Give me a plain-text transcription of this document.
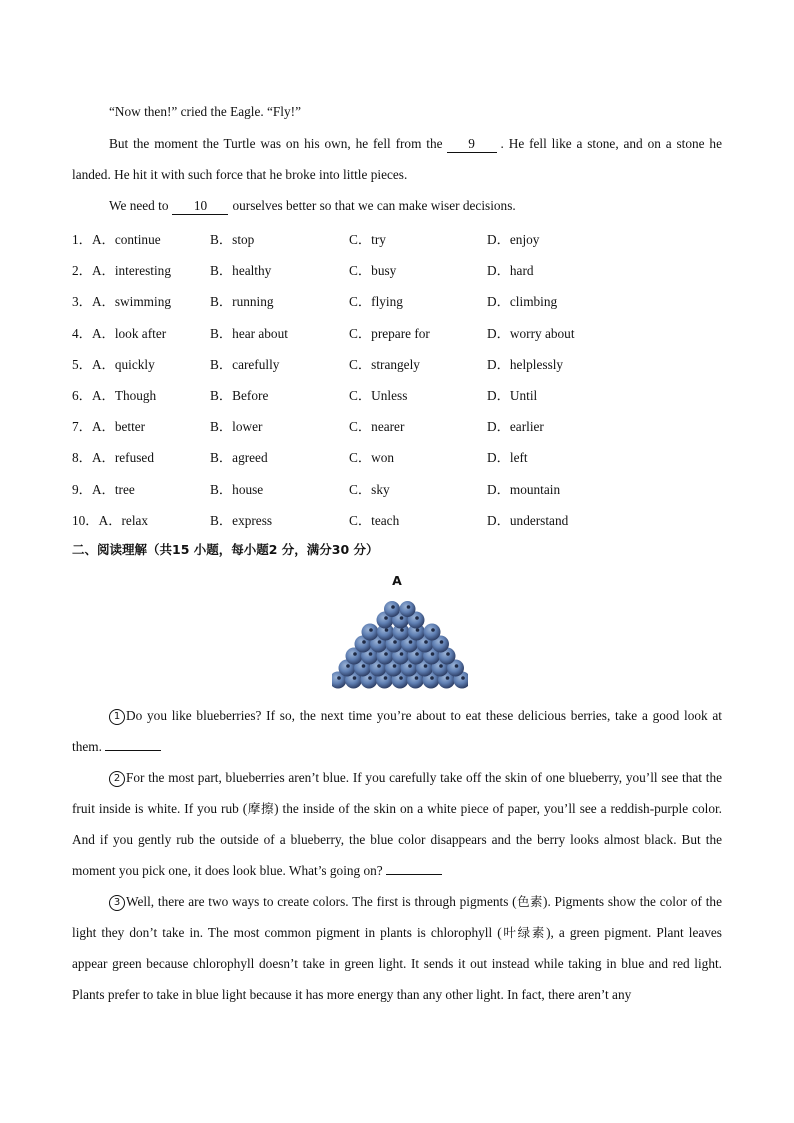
“Now then!” cried the Eagle. “Fly!”

But the moment the Turtle was on his own, he fell from the 9 . He fell like a stone, and on a stone he landed. He hit it with such force that he broke into little pieces.

We need to 10 ourselves better so that we can make wiser decisions.

1．A．continue	B．stop	C．try	D．enjoy
2．A．interesting	B．healthy	C．busy	D．hard
3．A．swimming	B．running	C．flying	D．climbing
4．A．look after	B．hear about	C．prepare for	D．worry about
5．A．quickly	B．carefully	C．strangely	D．helplessly
6．A．Though	B．Before	C．Unless	D．Until
7．A．better	B．lower	C．nearer	D．earlier
8．A．refused	B．agreed	C．won	D．left
9．A．tree	B．house	C．sky	D．mountain
10．A．relax	B．express	C．teach	D．understand
二、阅读理解（共15 小题，每小题2 分，满分30 分）
A

1 Do you like blueberries? If so, the next time you’re about to eat these delicious berries, take a good look at them.

2 For the most part, blueberries aren’t blue. If you carefully take off the skin of one blueberry, you’ll see that the fruit inside is white. If you rub (摩擦) the inside of the skin on a white piece of paper, you’ll see a reddish-purple color. And if you gently rub the outside of a blueberry, the blue color disappears and the berry looks almost black. But the moment you pick one, it does look blue. What’s going on?

3 Well, there are two ways to create colors. The first is through pigments (色素). Pigments show the color of the light they don’t take in. The most common pigment in plants is chlorophyll (叶绿素), a green pigment. Plant leaves appear green because chlorophyll doesn’t take in green light. It sends it out instead while taking in blue and red light. Plants prefer to take in blue light because it has more energy than any other light. In fact, there aren’t any
